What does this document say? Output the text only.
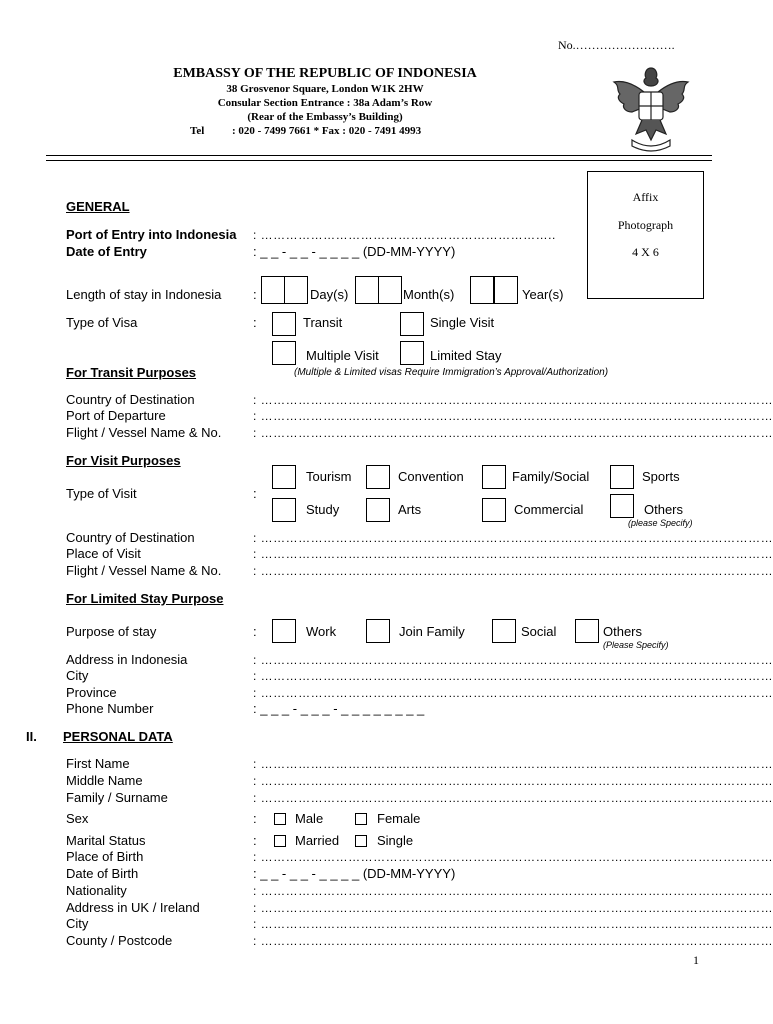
No.…………………….
EMBASSY OF THE REPUBLIC OF INDONESIA
38 Grosvenor Square, London W1K 2HW
Consular Section Entrance : 38a Adam’s Row
(Rear of the Embassy’s Building)
Tel	: 020 - 7499 7661 * Fax : 020 - 7491 4993
Affix
Photograph
4 X 6
GENERAL
Port of Entry into Indonesia : ……………………………………………………………..
Date of Entry	: _ _ - _ _ - _ _ _ _ (DD-MM-YYYY)
Length of stay in Indonesia :	Day(s)	Month(s)	Year(s)
Type of Visa	:	Transit	Single Visit
Multiple Visit	Limited Stay
For Transit Purposes	(Multiple & Limited visas Require Immigration’s Approval/Authorization)
Country of Destination	: ……………………………………………………………………………………………………………
Port of Departure	: ……………………………………………………………………………………………………………
Flight / Vessel Name & No.	: ……………………………………………………………………………………………………………
For Visit Purposes
Tourism	Convention	Family/Social	Sports
Type of Visit	:
Study	Arts	Commercial	Others
(please Specify)
Country of Destination	: ……………………………………………………………………………………………………………
Place of Visit	: ……………………………………………………………………………………………………………
Flight / Vessel Name & No.	: ……………………………………………………………………………………………………………
For Limited Stay Purpose
Purpose of stay	:	Work	Join Family	Social	Others
(Please Specify)
Address in Indonesia	: ……………………………………………………………………………………………………………
City	: ……………………………………………………………………………………………………………
Province	: ……………………………………………………………………………………………………………
Phone Number	: _ _ _ - _ _ _ - _ _ _ _ _ _ _ _
II. PERSONAL DATA
First Name	: ……………………………………………………………………………………………………………
Middle Name	: ……………………………………………………………………………………………………………
Family / Surname	: ……………………………………………………………………………………………………………
Sex	:	Male	Female
Marital Status	:	Married	Single
Place of Birth	: ……………………………………………………………………………………………………………
Date of Birth	: _ _ - _ _ - _ _ _ _ (DD-MM-YYYY)
Nationality	: ……………………………………………………………………………………………………………
Address in UK / Ireland	: ……………………………………………………………………………………………………………
City	: ……………………………………………………………………………………………………………
County / Postcode	: ……………………………………………………………………………………………………………
1
